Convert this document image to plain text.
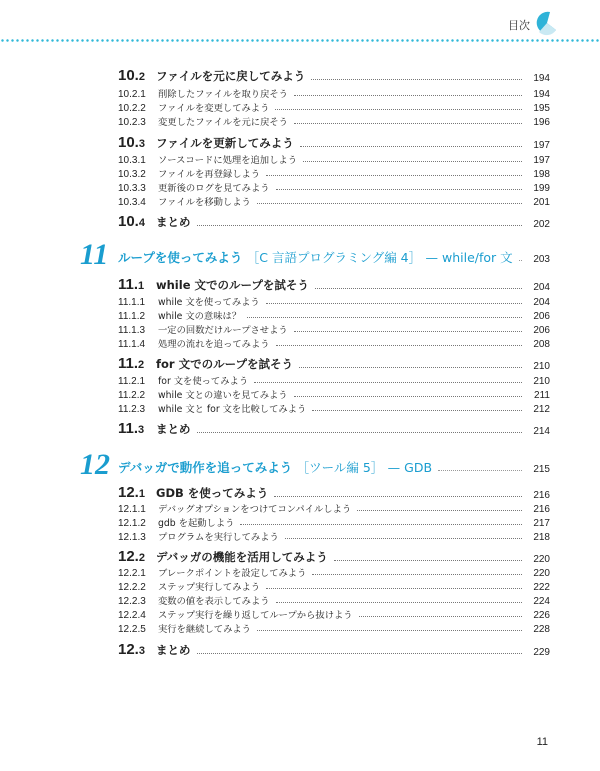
目次
10.2 ファイルを元に戻してみよう	194
10.2.1	削除したファイルを取り戻そう	194
10.2.2	ファイルを変更してみよう	195
10.2.3	変更したファイルを元に戻そう	196
10.3 ファイルを更新してみよう	197
10.3.1	ソースコードに処理を追加しよう	197
10.3.2	ファイルを再登録しよう	198
10.3.3	更新後のログを見てみよう	199
10.3.4	ファイルを移動しよう	201
10.4 まとめ	202
11 ループを使ってみよう ［C 言語プログラミング編 4］ — while/for 文	203
11.1	while 文でのループを試そう	204
11.1.1	while 文を使ってみよう	204
11.1.2	while 文の意味は？	206
11.1.3	一定の回数だけループさせよう	206
11.1.4	処理の流れを追ってみよう	208
11.2	for 文でのループを試そう	210
11.2.1	for 文を使ってみよう	210
11.2.2	while 文との違いを見てみよう	211
11.2.3	while 文と for 文を比較してみよう	212
11.3	まとめ	214
12 デバッガで動作を追ってみよう ［ツール編 5］ — GDB	215
12.1 GDB を使ってみよう	216
12.1.1	デバッグオプションをつけてコンパイルしよう	216
12.1.2	gdb を起動しよう	217
12.1.3	プログラムを実行してみよう	218
12.2 デバッガの機能を活用してみよう	220
12.2.1	ブレークポイントを設定してみよう	220
12.2.2	ステップ実行してみよう	222
12.2.3	変数の値を表示してみよう	224
12.2.4	ステップ実行を繰り返してループから抜けよう	226
12.2.5	実行を継続してみよう	228
12.3 まとめ	229
11
